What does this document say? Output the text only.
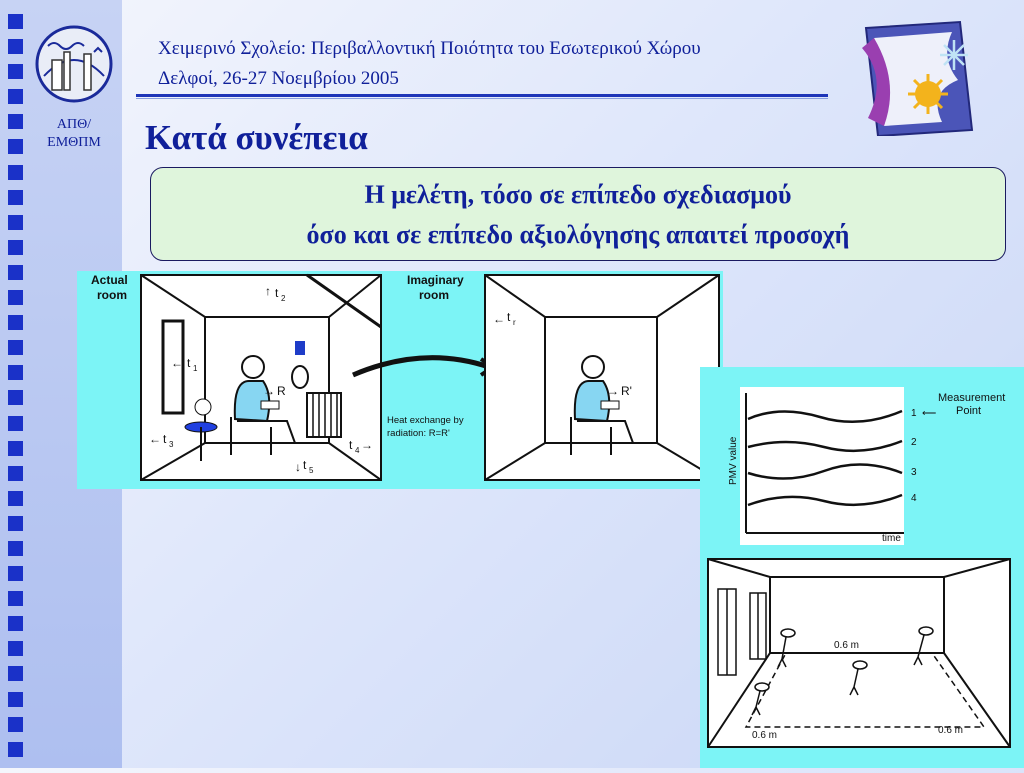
ΑΠΘ/
ΕΜΘΠΜ
Χειμερινό Σχολείο: Περιβαλλοντική Ποιότητα του Εσωτερικού Χώρου
Δελφοί, 26-27 Νοεμβρίου 2005
Κατά συνέπεια
Η μελέτη, τόσο σε επίπεδο σχεδιασμού
όσο και σε επίπεδο αξιολόγησης απαιτεί προσοχή
Actual
room
Imaginary
room
↑ t 2
← t 1
← t 3	t 4 →
↓ t 5
→ R
← t r
→ R'
Heat exchange by
radiation: R=R'
PMV value
time
Measurement
Point
⟵
1
2
3
4
0.6 m
0.6 m	0.6 m
